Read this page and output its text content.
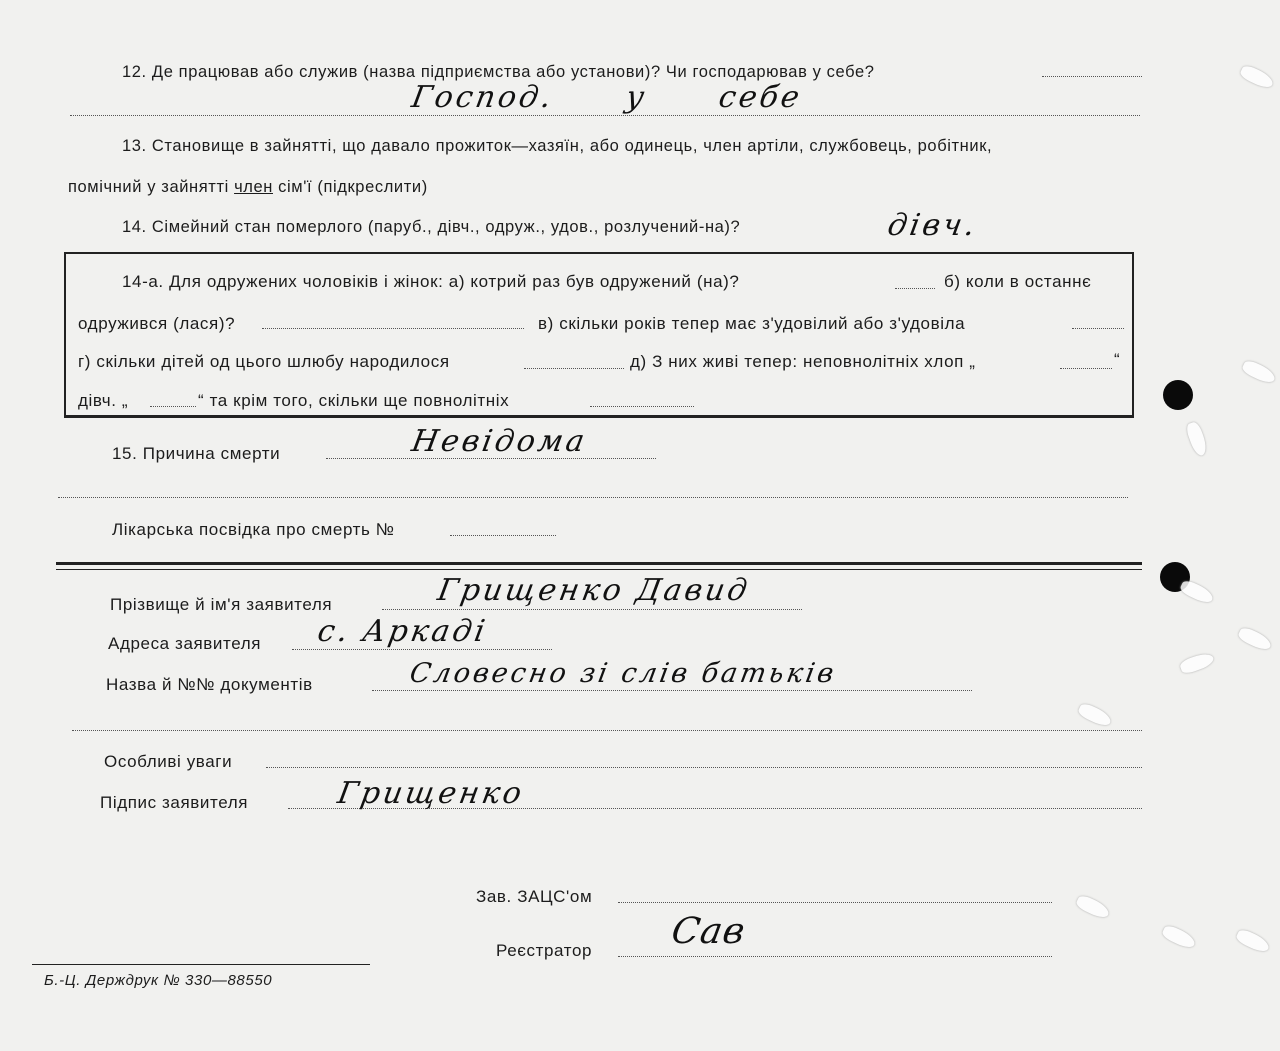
12. Де працював або служив (назва підприємства або установи)? Чи господарював у себе?
Господ. у себе
13. Становище в зайнятті, що давало прожиток—хазяїн, або одинець, член артіли, службовець, робітник,
помічний у зайнятті член сім'ї (підкреслити)
14. Сімейний стан померлого (паруб., дівч., одруж., удов., розлучений-на)?	дівч.
14-а. Для одружених чоловіків і жінок: а) котрий раз був одружений (на)?	б) коли в останнє
одружився (лася)?	в) скільки років тепер має з'удовілий або з'удовіла
г) скільки дітей од цього шлюбу народилося	д) З них живі тепер: неповнолітніх хлоп „	“
дівч. „	“ та крім того, скільки ще повнолітніх
15. Причина смерти	Невідома
Лікарська посвідка про смерть №
Прізвище й ім'я заявителя	Грищенко Давид
Адреса заявителя с. Аркаді
Назва й №№ документів	Словесно зі слів батьків
Особливі уваги
Підпис заявителя	Грищенко
Зав. ЗАЦС'ом
Реєстратор Сав
Б.-Ц. Держдрук № 330—88550
